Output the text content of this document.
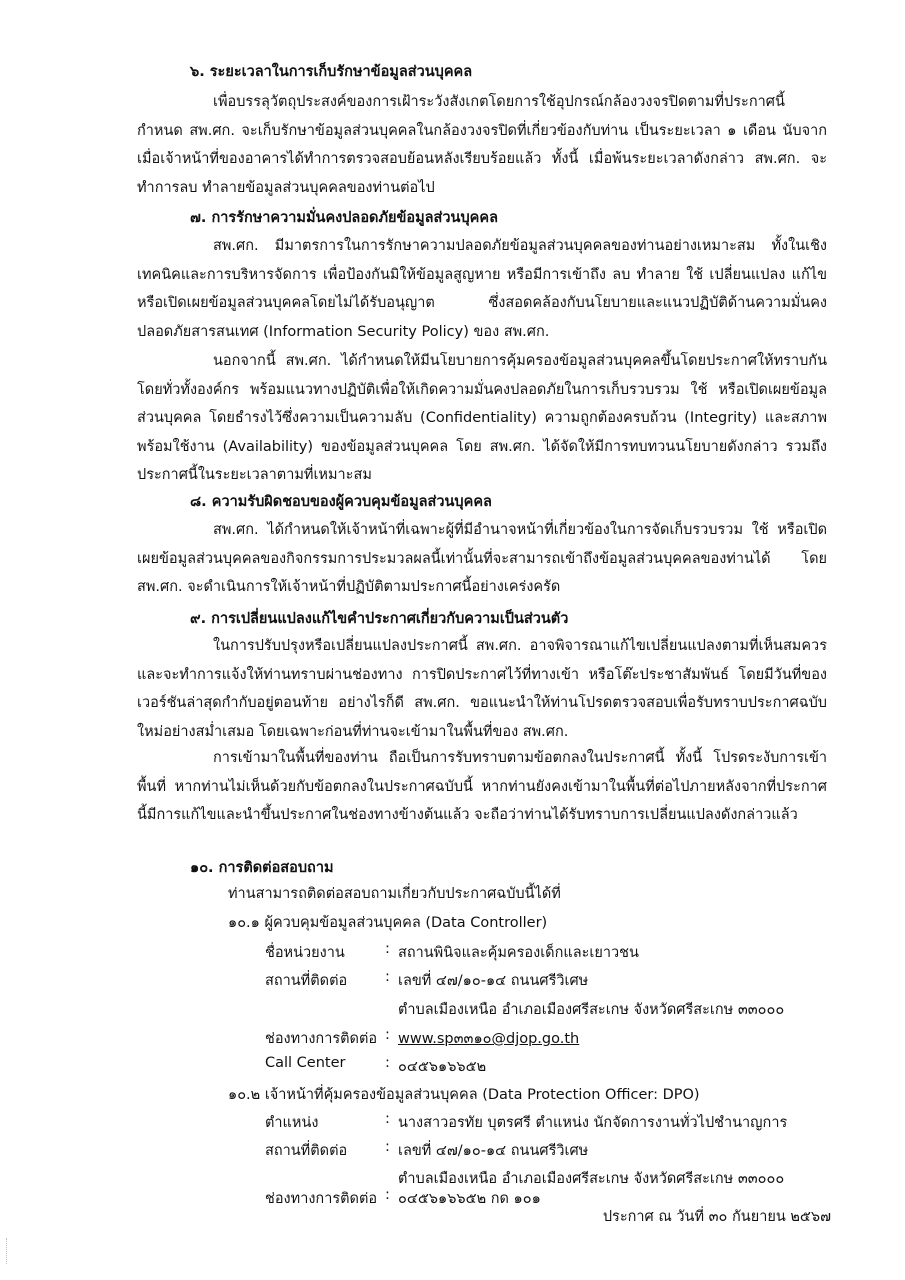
๖. ระยะเวลาในการเก็บรักษาข้อมูลส่วนบุคคล

เพื่อบรรลุวัตถุประสงค์ของการเฝ้าระวังสังเกตโดยการใช้อุปกรณ์กล้องวงจรปิดตามที่ประกาศนี้กำหนด สพ.ศก. จะเก็บรักษาข้อมูลส่วนบุคคลในกล้องวงจรปิดที่เกี่ยวข้องกับท่าน เป็นระยะเวลา ๑ เดือน นับจากเมื่อเจ้าหน้าที่ของอาคารได้ทำการตรวจสอบย้อนหลังเรียบร้อยแล้ว ทั้งนี้ เมื่อพ้นระยะเวลาดังกล่าว สพ.ศก. จะทำการลบ ทำลายข้อมูลส่วนบุคคลของท่านต่อไป

๗. การรักษาความมั่นคงปลอดภัยข้อมูลส่วนบุคคล

สพ.ศก. มีมาตรการในการรักษาความปลอดภัยข้อมูลส่วนบุคคลของท่านอย่างเหมาะสม ทั้งในเชิงเทคนิคและการบริหารจัดการ เพื่อป้องกันมิให้ข้อมูลสูญหาย หรือมีการเข้าถึง ลบ ทำลาย ใช้ เปลี่ยนแปลง แก้ไข หรือเปิดเผยข้อมูลส่วนบุคคลโดยไม่ได้รับอนุญาต ซึ่งสอดคล้องกับนโยบายและแนวปฏิบัติด้านความมั่นคงปลอดภัยสารสนเทศ (Information Security Policy) ของ สพ.ศก.

นอกจากนี้ สพ.ศก. ได้กำหนดให้มีนโยบายการคุ้มครองข้อมูลส่วนบุคคลขึ้นโดยประกาศให้ทราบกันโดยทั่วทั้งองค์กร พร้อมแนวทางปฏิบัติเพื่อให้เกิดความมั่นคงปลอดภัยในการเก็บรวบรวม ใช้ หรือเปิดเผยข้อมูลส่วนบุคคล โดยธำรงไว้ซึ่งความเป็นความลับ (Confidentiality) ความถูกต้องครบถ้วน (Integrity) และสภาพพร้อมใช้งาน (Availability) ของข้อมูลส่วนบุคคล โดย สพ.ศก. ได้จัดให้มีการทบทวนนโยบายดังกล่าว รวมถึงประกาศนี้ในระยะเวลาตามที่เหมาะสม

๘. ความรับผิดชอบของผู้ควบคุมข้อมูลส่วนบุคคล

สพ.ศก. ได้กำหนดให้เจ้าหน้าที่เฉพาะผู้ที่มีอำนาจหน้าที่เกี่ยวข้องในการจัดเก็บรวบรวม ใช้ หรือเปิดเผยข้อมูลส่วนบุคคลของกิจกรรมการประมวลผลนี้เท่านั้นที่จะสามารถเข้าถึงข้อมูลส่วนบุคคลของท่านได้ โดย สพ.ศก. จะดำเนินการให้เจ้าหน้าที่ปฏิบัติตามประกาศนี้อย่างเคร่งครัด

๙. การเปลี่ยนแปลงแก้ไขคำประกาศเกี่ยวกับความเป็นส่วนตัว

ในการปรับปรุงหรือเปลี่ยนแปลงประกาศนี้ สพ.ศก. อาจพิจารณาแก้ไขเปลี่ยนแปลงตามที่เห็นสมควร และจะทำการแจ้งให้ท่านทราบผ่านช่องทาง การปิดประกาศไว้ที่ทางเข้า หรือโต๊ะประชาสัมพันธ์ โดยมีวันที่ของเวอร์ชันล่าสุดกำกับอยู่ตอนท้าย อย่างไรก็ดี สพ.ศก. ขอแนะนำให้ท่านโปรดตรวจสอบเพื่อรับทราบประกาศฉบับใหม่อย่างสม่ำเสมอ โดยเฉพาะก่อนที่ท่านจะเข้ามาในพื้นที่ของ สพ.ศก.

การเข้ามาในพื้นที่ของท่าน ถือเป็นการรับทราบตามข้อตกลงในประกาศนี้ ทั้งนี้ โปรดระงับการเข้าพื้นที่ หากท่านไม่เห็นด้วยกับข้อตกลงในประกาศฉบับนี้ หากท่านยังคงเข้ามาในพื้นที่ต่อไปภายหลังจากที่ประกาศนี้มีการแก้ไขและนำขึ้นประกาศในช่องทางข้างต้นแล้ว จะถือว่าท่านได้รับทราบการเปลี่ยนแปลงดังกล่าวแล้ว

๑๐. การติดต่อสอบถาม

ท่านสามารถติดต่อสอบถามเกี่ยวกับประกาศฉบับนี้ได้ที่

๑๐.๑ ผู้ควบคุมข้อมูลส่วนบุคคล (Data Controller)

ชื่อหน่วยงาน	: สถานพินิจและคุ้มครองเด็กและเยาวชน

สถานที่ติดต่อ	: เลขที่ ๔๗/๑๐-๑๔ ถนนศรีวิเศษ

ตำบลเมืองเหนือ อำเภอเมืองศรีสะเกษ จังหวัดศรีสะเกษ ๓๓๐๐๐

ช่องทางการติดต่อ : www.sp๓๓๑๐@djop.go.th

Call Center	: ๐๔๕๖๑๖๖๕๒

๑๐.๒ เจ้าหน้าที่คุ้มครองข้อมูลส่วนบุคคล (Data Protection Officer: DPO)

ตำแหน่ง	: นางสาวอรทัย บุตรศรี ตำแหน่ง นักจัดการงานทั่วไปชำนาญการ

สถานที่ติดต่อ	: เลขที่ ๔๗/๑๐-๑๔ ถนนศรีวิเศษ

ตำบลเมืองเหนือ อำเภอเมืองศรีสะเกษ จังหวัดศรีสะเกษ ๓๓๐๐๐

ช่องทางการติดต่อ : ๐๔๕๖๑๖๖๕๒ กด ๑๐๑

ประกาศ ณ วันที่ ๓๐ กันยายน ๒๕๖๗
